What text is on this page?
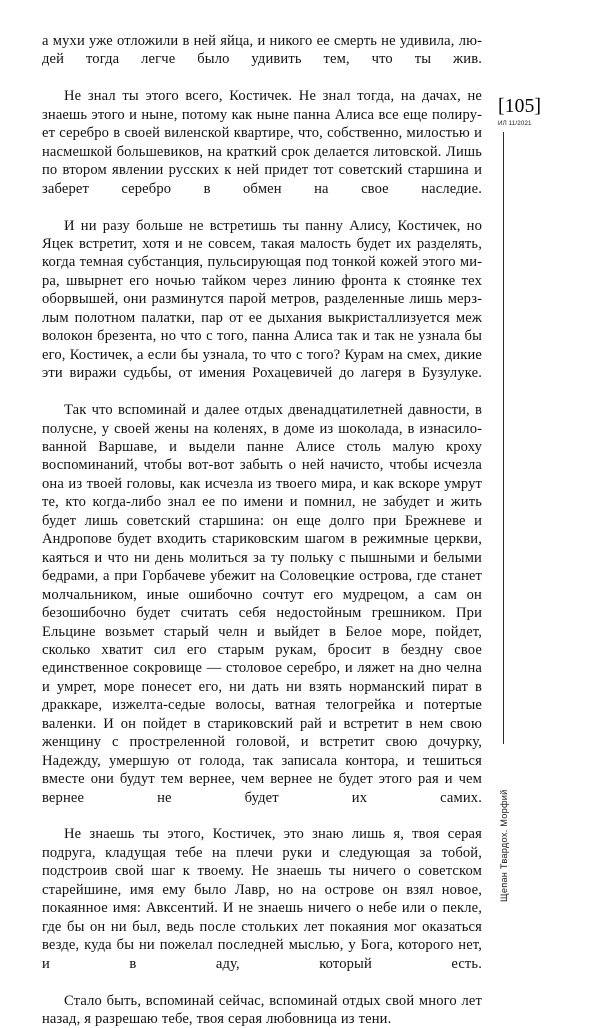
а мухи уже отложили в ней яйца, и никого ее смерть не удивила, людей тогда легче было удивить тем, что ты жив.

Не знал ты этого всего, Костичек. Не знал тогда, на дачах, не знаешь этого и ныне, потому как ныне панна Алиса все еще полирует серебро в своей виленской квартире, что, собственно, милостью и насмешкой большевиков, на краткий срок делается литовской. Лишь по втором явлении русских к ней придет тот советский старшина и заберет серебро в обмен на свое наследие.

И ни разу больше не встретишь ты панну Алису, Костичек, но Яцек встретит, хотя и не совсем, такая малость будет их разделять, когда темная субстанция, пульсирующая под тонкой кожей этого мира, швырнет его ночью тайком через линию фронта к стоянке тех оборвышей, они разминутся парой метров, разделенные лишь мерзлым полотном палатки, пар от ее дыхания выкристаллизуется меж волокон брезента, но что с того, панна Алиса так и так не узнала бы его, Костичек, а если бы узнала, то что с того? Курам на смех, дикие эти виражи судьбы, от имения Рохацевичей до лагеря в Бузулуке.

Так что вспоминай и далее отдых двенадцатилетней давности, в полусне, у своей жены на коленях, в доме из шоколада, в изнасилованной Варшаве, и выдели панне Алисе столь малую кроху воспоминаний, чтобы вот-вот забыть о ней начисто, чтобы исчезла она из твоей головы, как исчезла из твоего мира, и как вскоре умрут те, кто когда-либо знал ее по имени и помнил, не забудет и жить будет лишь советский старшина: он еще долго при Брежневе и Андропове будет входить стариковским шагом в режимные церкви, каяться и что ни день молиться за ту польку с пышными и белыми бедрами, а при Горбачеве убежит на Соловецкие острова, где станет молчальником, иные ошибочно сочтут его мудрецом, а сам он безошибочно будет считать себя недостойным грешником. При Ельцине возьмет старый челн и выйдет в Белое море, пойдет, сколько хватит сил его старым рукам, бросит в бездну свое единственное сокровище — столовое серебро, и ляжет на дно челна и умрет, море понесет его, ни дать ни взять норманский пират в драккаре, изжелта-седые волосы, ватная телогрейка и потертые валенки. И он пойдет в стариковский рай и встретит в нем свою женщину с простреленной головой, и встретит свою дочурку, Надежду, умершую от голода, так записала контора, и тешиться вместе они будут тем вернее, чем вернее не будет этого рая и чем вернее не будет их самих.

Не знаешь ты этого, Костичек, это знаю лишь я, твоя серая подруга, кладущая тебе на плечи руки и следующая за тобой, подстроив свой шаг к твоему. Не знаешь ты ничего о советском старейшине, имя ему было Лавр, но на острове он взял новое, покаянное имя: Авксентий. И не знаешь ничего о небе или о пекле, где бы он ни был, ведь после стольких лет покаяния мог оказаться везде, куда бы ни пожелал последней мыслью, у Бога, которого нет, и в аду, который есть.

Стало быть, вспоминай сейчас, вспоминай отдых свой много лет назад, я разрешаю тебе, твоя серая любовница из тени.

[105]
ИЛ 11/2021
Щепан Твардох. Морфий
